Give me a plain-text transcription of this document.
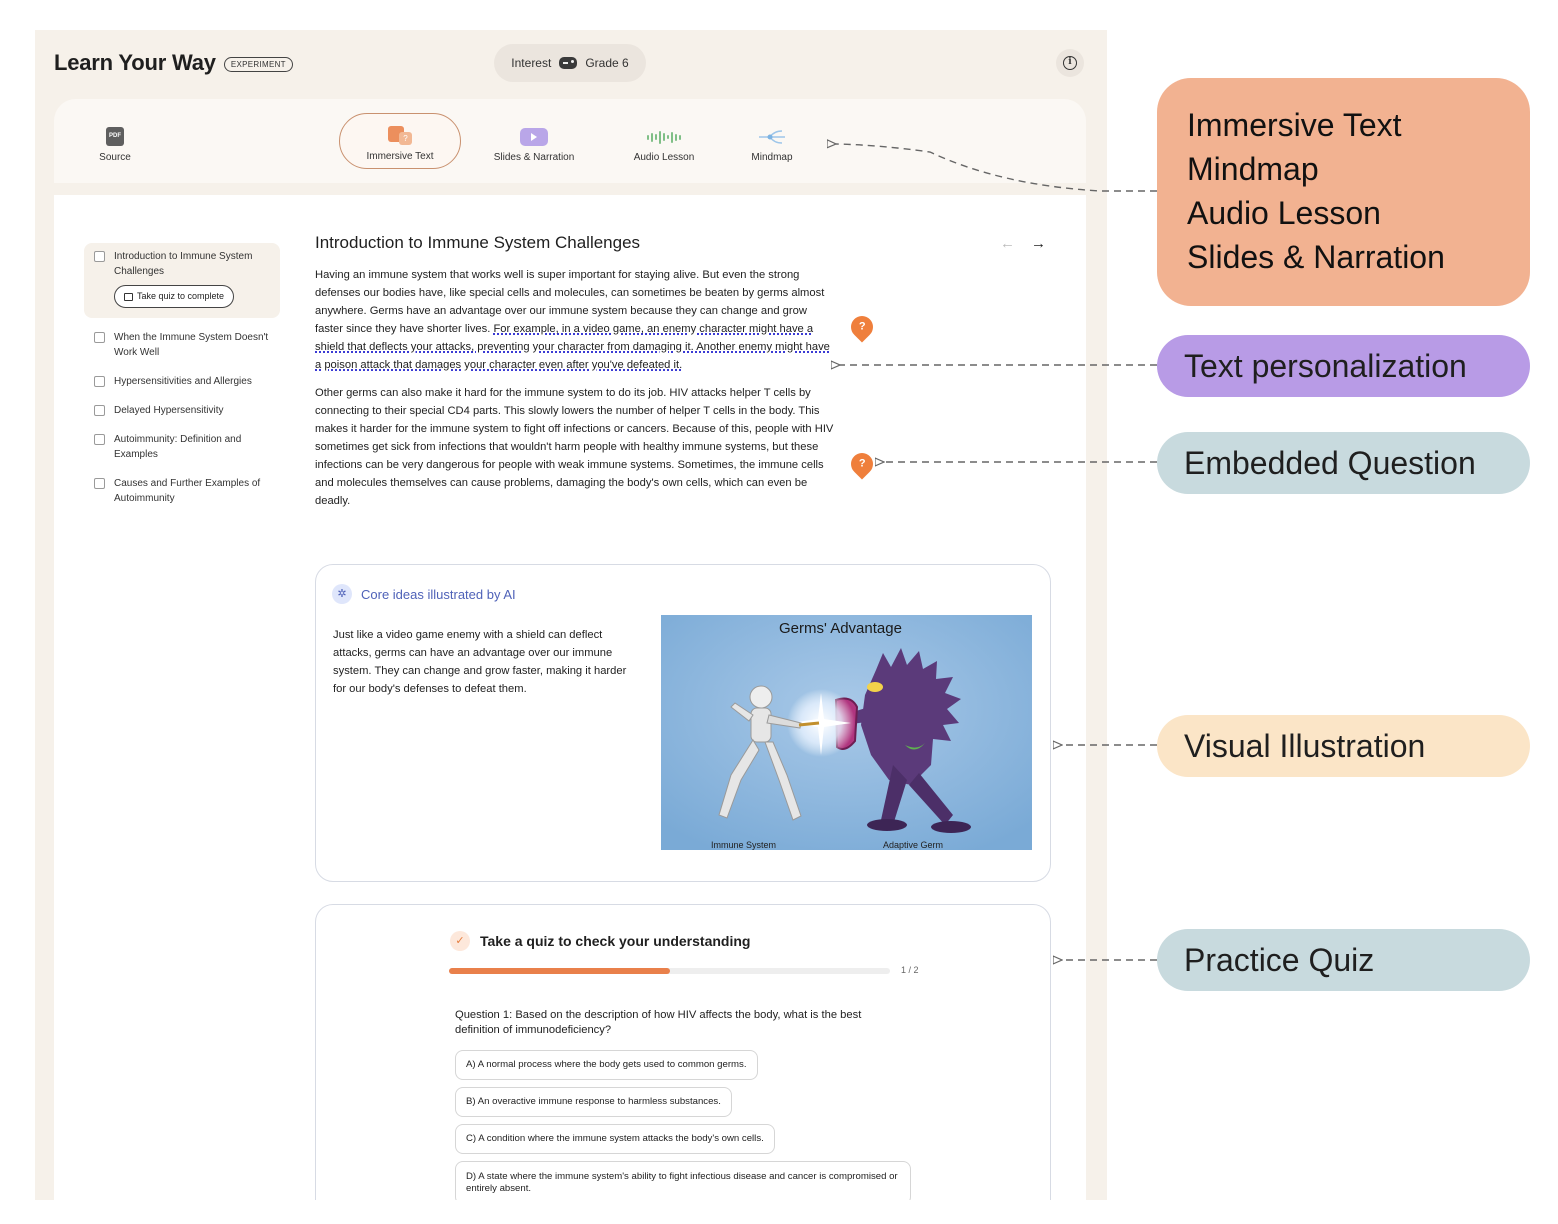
Learn Your Way	EXPERIMENT	Interest	Grade 6	i
PDF
Source
?
Immersive Text	Slides & Narration	Audio Lesson	Mindmap
Introduction to Immune System Challenges
Take quiz to complete
When the Immune System Doesn't Work Well
Hypersensitivities and Allergies
Delayed Hypersensitivity
Autoimmunity: Definition and Examples
Causes and Further Examples of Autoimmunity
Introduction to Immune System Challenges

Having an immune system that works well is super important for staying alive. But even the strong defenses our bodies have, like special cells and molecules, can sometimes be beaten by germs almost anywhere. Germs have an advantage over our immune system because they can change and grow faster since they have shorter lives. For example, in a video game, an enemy character might have a shield that deflects your attacks, preventing your character from damaging it. Another enemy might have a poison attack that damages your character even after you've defeated it.

Other germs can also make it hard for the immune system to do its job. HIV attacks helper T cells by connecting to their special CD4 parts. This slowly lowers the number of helper T cells in the body. This makes it harder for the immune system to fight off infections or cancers. Because of this, people with HIV sometimes get sick from infections that wouldn't harm people with healthy immune systems, but these infections can be very dangerous for people with weak immune systems. Sometimes, the immune cells and molecules themselves can cause problems, damaging the body's own cells, which can even be deadly.

← →
?
?
✲	Core ideas illustrated by AI
Just like a video game enemy with a shield can deflect attacks, germs can have an advantage over our immune system. They can change and grow faster, making it harder for our body's defenses to defeat them.
Germs' Advantage
Immune System	Adaptive Germ
✓	Take a quiz to check your understanding
1 / 2
Question 1: Based on the description of how HIV affects the body, what is the best definition of immunodeficiency?
A) A normal process where the body gets used to common germs.
B) An overactive immune response to harmless substances.
C) A condition where the immune system attacks the body's own cells.
D) A state where the immune system's ability to fight infectious disease and cancer is compromised or entirely absent.
Immersive Text
Mindmap
Audio Lesson
Slides & Narration
Text personalization
Embedded Question
Visual Illustration
Practice Quiz
